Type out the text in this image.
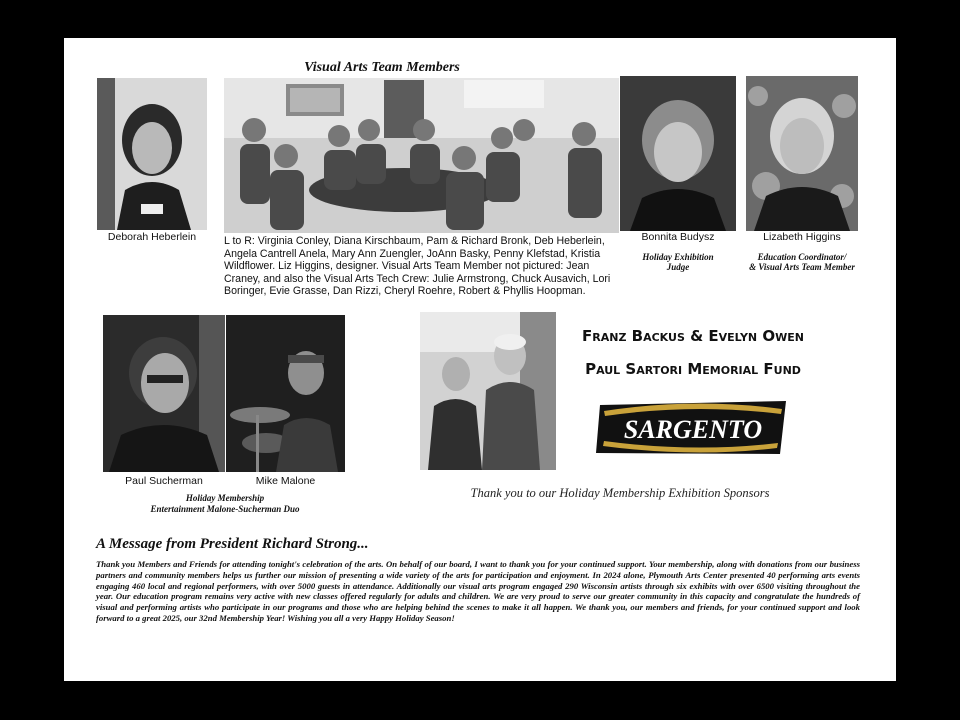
Deborah Heberlein
Visual Arts Team Members
L to R: Virginia Conley, Diana Kirschbaum, Pam & Richard Bronk, Deb Heberlein, Angela Cantrell Anela, Mary Ann Zuengler, JoAnn Basky, Penny Klefstad, Kristia Wildflower. Liz Higgins, designer. Visual Arts Team Member not pictured: Jean Craney, and also the Visual Arts Tech Crew: Julie Armstrong, Chuck Ausavich, Lori Boringer, Evie Grasse, Dan Rizzi, Cheryl Roehre, Robert & Phyllis Hoopman.
Bonnita Budysz
Holiday Exhibition
Judge
Lizabeth Higgins
Education Coordinator/
& Visual Arts Team Member
Paul Sucherman	Mike Malone
Holiday Membership
Entertainment Malone-Sucherman Duo
Franz Backus & Evelyn Owen
Paul Sartori Memorial Fund
SARGENTO
Thank you to our Holiday Membership Exhibition Sponsors
A Message from President Richard Strong...
Thank you Members and Friends for attending tonight's celebration of the arts. On behalf of our board, I want to thank you for your continued support. Your membership, along with donations from our business partners and community members helps us further our mission of presenting a wide variety of the arts for participation and enjoyment. In 2024 alone, Plymouth Arts Center presented 40 performing arts events engaging 460 local and regional performers, with over 5000 guests in attendance. Additionally our visual arts program engaged 290 Wisconsin artists through six exhibits with over 6500 visiting throughout the year. Our education program remains very active with new classes offered regularly for adults and children. We are very proud to serve our greater community in this capacity and congratulate the hundreds of visual and performing artists who participate in our programs and those who are helping behind the scenes to make it all happen. We thank you, our members and friends, for your continued support and look forward to a great 2025, our 32nd Membership Year! Wishing you all a very Happy Holiday Season!
